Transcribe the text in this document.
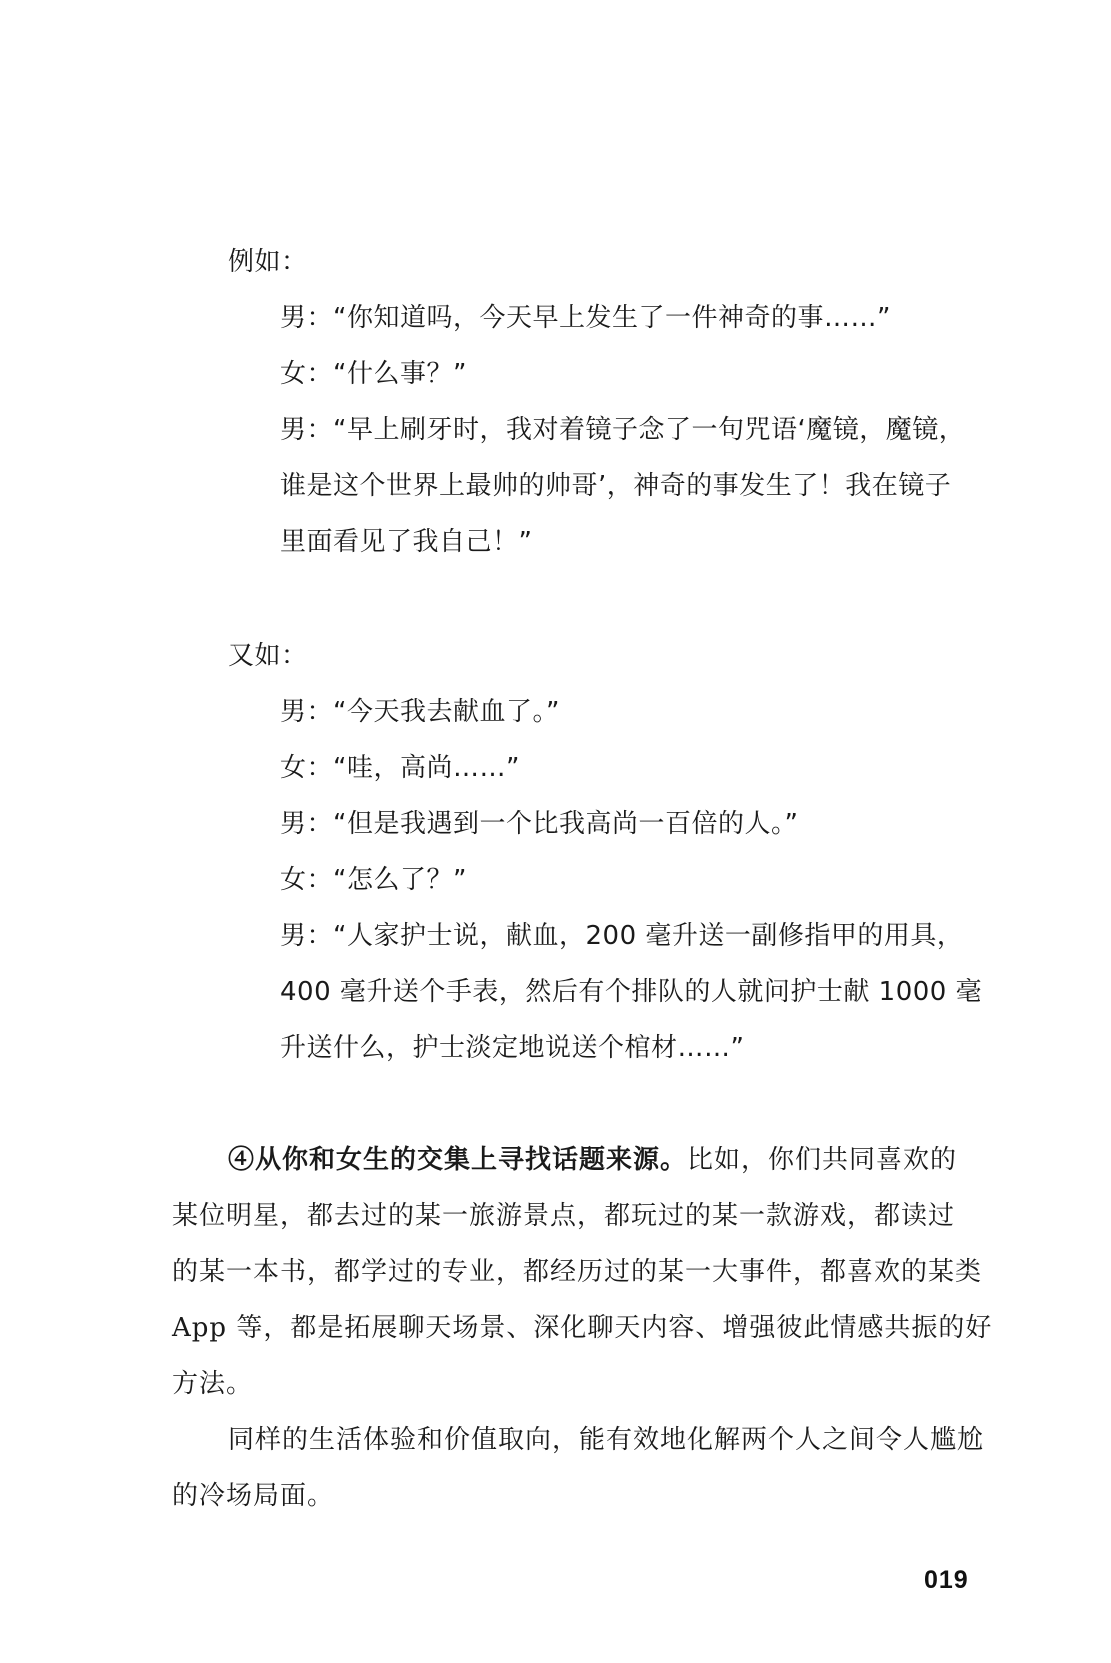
例如：
男：“你知道吗，今天早上发生了一件神奇的事……”
女：“什么事？”
男：“早上刷牙时，我对着镜子念了一句咒语‘魔镜，魔镜，
谁是这个世界上最帅的帅哥’，神奇的事发生了！我在镜子
里面看见了我自己！”
又如：
男：“今天我去献血了。”
女：“哇，高尚……”
男：“但是我遇到一个比我高尚一百倍的人。”
女：“怎么了？”
男：“人家护士说，献血，200 毫升送一副修指甲的用具，
400 毫升送个手表，然后有个排队的人就问护士献 1000 毫
升送什么，护士淡定地说送个棺材……”
④从你和女生的交集上寻找话题来源。比如，你们共同喜欢的
某位明星，都去过的某一旅游景点，都玩过的某一款游戏，都读过
的某一本书，都学过的专业，都经历过的某一大事件，都喜欢的某类
App 等，都是拓展聊天场景、深化聊天内容、增强彼此情感共振的好
方法。
同样的生活体验和价值取向，能有效地化解两个人之间令人尴尬
的冷场局面。
019
